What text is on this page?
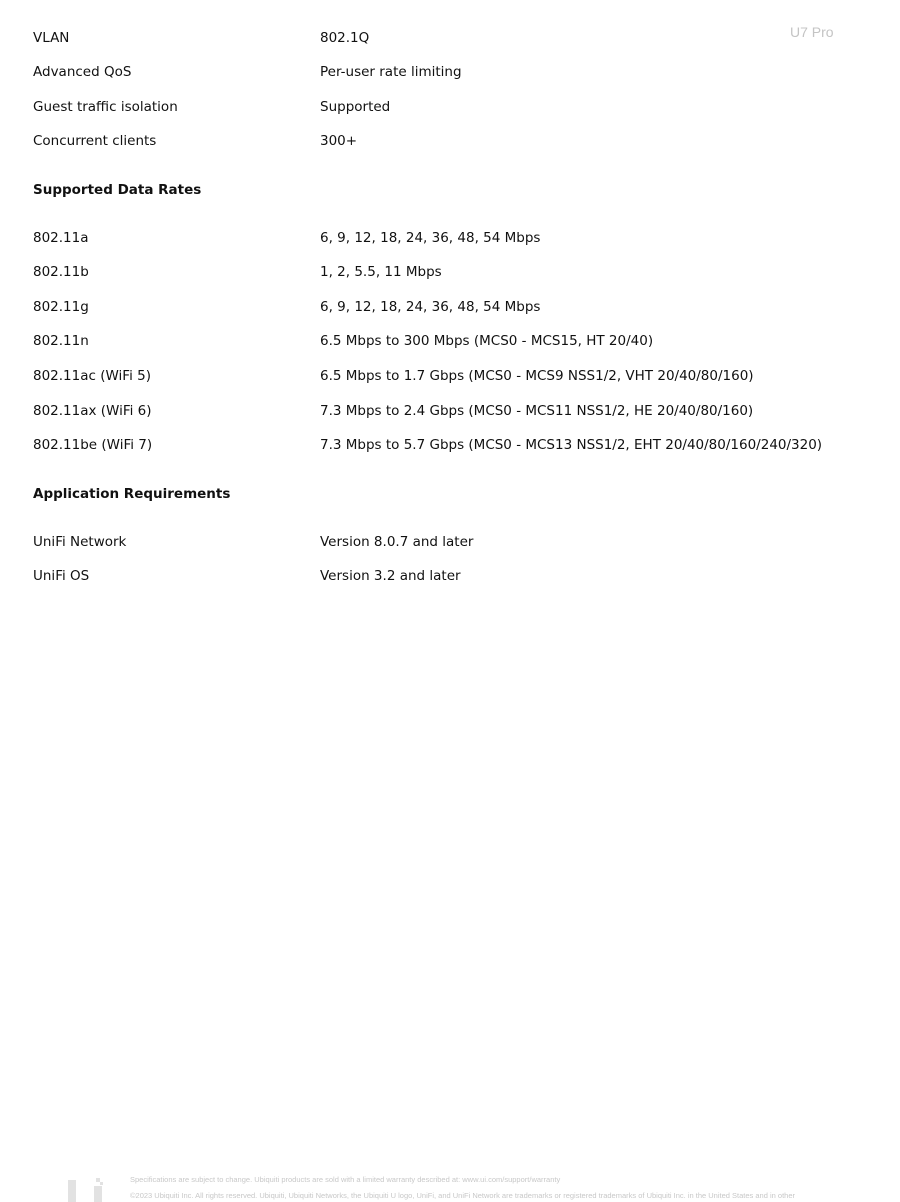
U7 Pro
VLAN	802.1Q
Advanced QoS	Per-user rate limiting
Guest traffic isolation	Supported
Concurrent clients	300+
Supported Data Rates
802.11a	6, 9, 12, 18, 24, 36, 48, 54 Mbps
802.11b	1, 2, 5.5, 11 Mbps
802.11g	6, 9, 12, 18, 24, 36, 48, 54 Mbps
802.11n	6.5 Mbps to 300 Mbps (MCS0 - MCS15, HT 20/40)
802.11ac (WiFi 5)	6.5 Mbps to 1.7 Gbps (MCS0 - MCS9 NSS1/2, VHT 20/40/80/160)
802.11ax (WiFi 6)	7.3 Mbps to 2.4 Gbps (MCS0 - MCS11 NSS1/2, HE 20/40/80/160)
802.11be (WiFi 7)	7.3 Mbps to 5.7 Gbps (MCS0 - MCS13 NSS1/2, EHT 20/40/80/160/240/320)
Application Requirements
UniFi Network	Version 8.0.7 and later
UniFi OS	Version 3.2 and later
Specifications are subject to change. Ubiquiti products are sold with a limited warranty described at: www.ui.com/support/warranty
©2023 Ubiquiti Inc. All rights reserved. Ubiquiti, Ubiquiti Networks, the Ubiquiti U logo, UniFi, and UniFi Network are trademarks or registered trademarks of Ubiquiti Inc. in the United States and in other
